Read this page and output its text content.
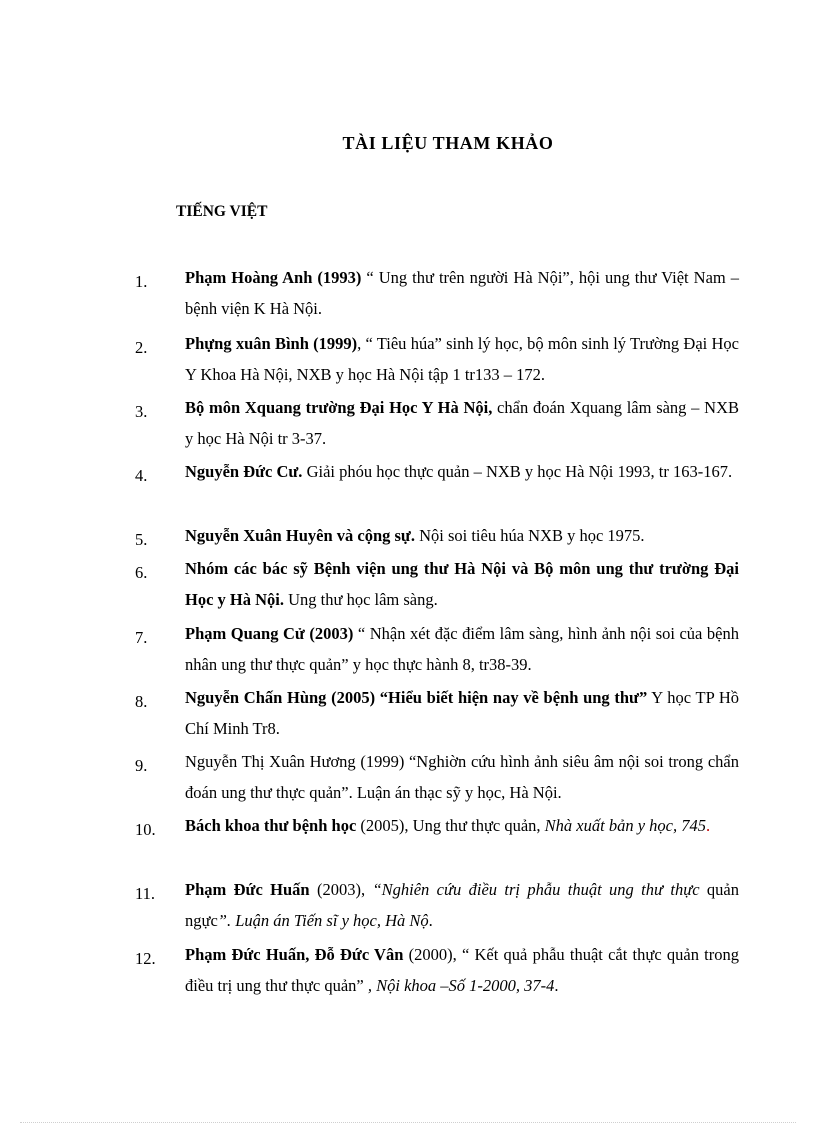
TÀI LIỆU THAM KHẢO
TIẾNG VIỆT
1. Phạm Hoàng Anh (1993) “ Ung thư trên người Hà Nội”, hội ung thư Việt Nam – bệnh viện K Hà Nội.
2. Phựng xuân Bình (1999), “ Tiêu húa” sinh lý học, bộ môn sinh lý Trường Đại Học Y Khoa Hà Nội, NXB y học Hà Nội tập 1 tr133 – 172.
3. Bộ môn Xquang trường Đại Học Y Hà Nội, chẩn đoán Xquang lâm sàng – NXB y học Hà Nội tr 3-37.
4. Nguyễn Đức Cư. Giải phóu học thực quản – NXB y học Hà Nội 1993, tr 163-167.
5. Nguyễn Xuân Huyên và cộng sự. Nội soi tiêu húa NXB y học 1975.
6. Nhóm các bác sỹ Bệnh viện ung thư Hà Nội và Bộ môn ung thư trường Đại Học y Hà Nội. Ung thư học lâm sàng.
7. Phạm Quang Cử (2003) “ Nhận xét đặc điểm lâm sàng, hình ảnh nội soi của bệnh nhân ung thư thực quản” y học thực hành 8, tr38-39.
8. Nguyễn Chấn Hùng (2005) “Hiểu biết hiện nay về bệnh ung thư” Y học TP Hồ Chí Minh Tr8.
9. Nguyễn Thị Xuân Hương (1999) “Nghiờn cứu hình ảnh siêu âm nội soi trong chẩn đoán ung thư thực quản”. Luận án thạc sỹ y học, Hà Nội.
10. Bách khoa thư bệnh học (2005), Ung thư thực quản, Nhà xuất bản y học, 745.
11. Phạm Đức Huấn (2003), “Nghiên cứu điều trị phẫu thuật ung thư thực quản ngực”. Luận án Tiến sĩ y học, Hà Nộ.
12. Phạm Đức Huấn, Đỗ Đức Vân (2000), “ Kết quả phẫu thuật cắt thực quản trong điều trị ung thư thực quản” , Nội khoa –Số 1-2000, 37-4.
